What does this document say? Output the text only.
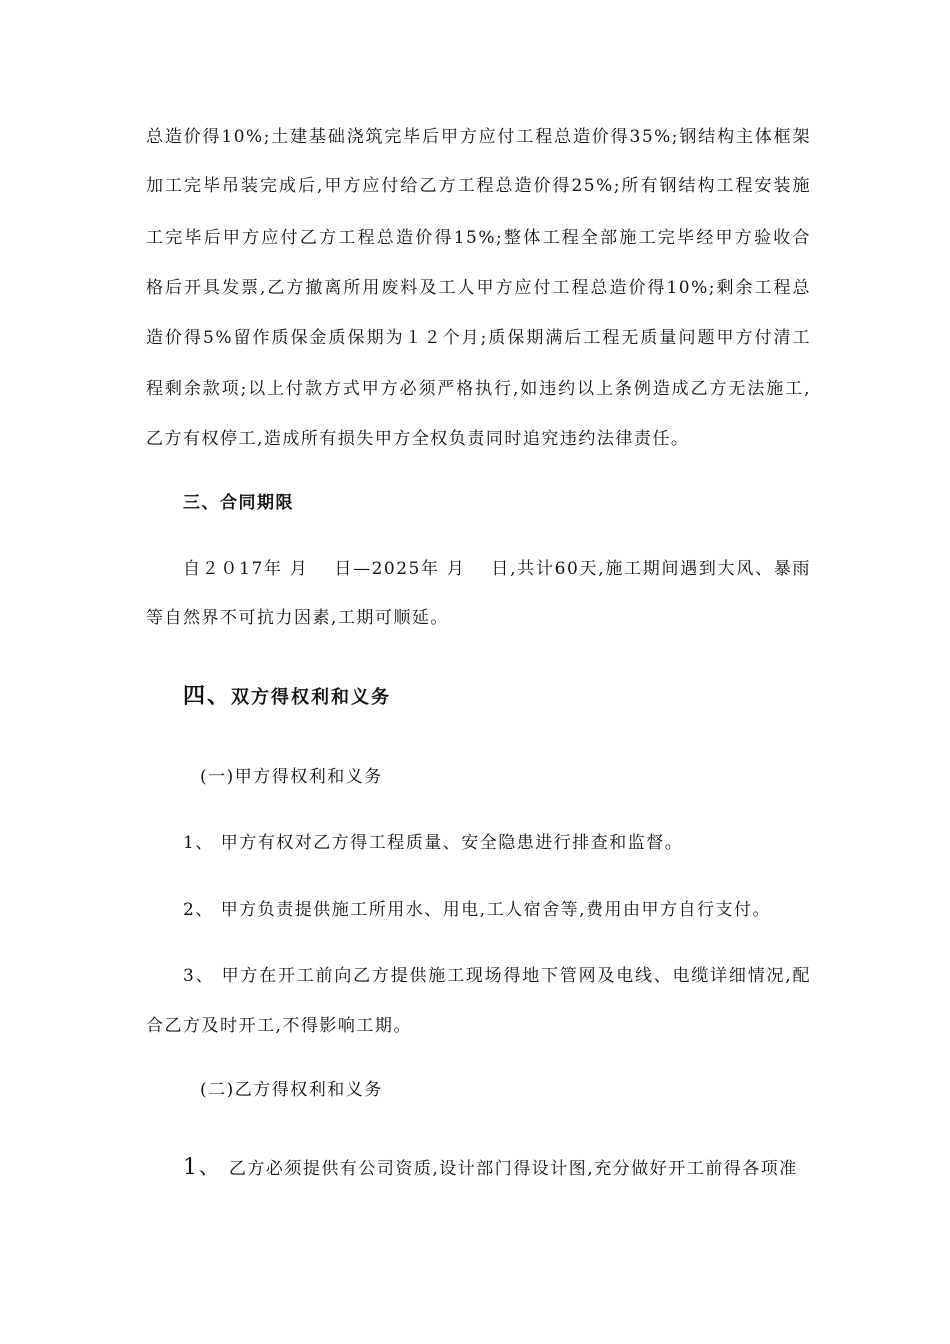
总造价得10%;土建基础浇筑完毕后甲方应付工程总造价得35%;钢结构主体框架
加工完毕吊装完成后,甲方应付给乙方工程总造价得25%;所有钢结构工程安装施
工完毕后甲方应付乙方工程总造价得15%;整体工程全部施工完毕经甲方验收合
格后开具发票,乙方撤离所用废料及工人甲方应付工程总造价得10%;剩余工程总
造价得5%留作质保金质保期为１２个月;质保期满后工程无质量问题甲方付清工
程剩余款项;以上付款方式甲方必须严格执行,如违约以上条例造成乙方无法施工,
乙方有权停工,造成所有损失甲方全权负责同时追究违约法律责任。
三、合同期限
自２０17年 月　 日—2025年 月　 日,共计60天,施工期间遇到大风、暴雨
等自然界不可抗力因素,工期可顺延。
四、双方得权利和义务
(一)甲方得权利和义务
1、 甲方有权对乙方得工程质量、安全隐患进行排查和监督。
2、 甲方负责提供施工所用水、用电,工人宿舍等,费用由甲方自行支付。
3、 甲方在开工前向乙方提供施工现场得地下管网及电线、电缆详细情况,配
合乙方及时开工,不得影响工期。
(二)乙方得权利和义务
1、 乙方必须提供有公司资质,设计部门得设计图,充分做好开工前得各项准
